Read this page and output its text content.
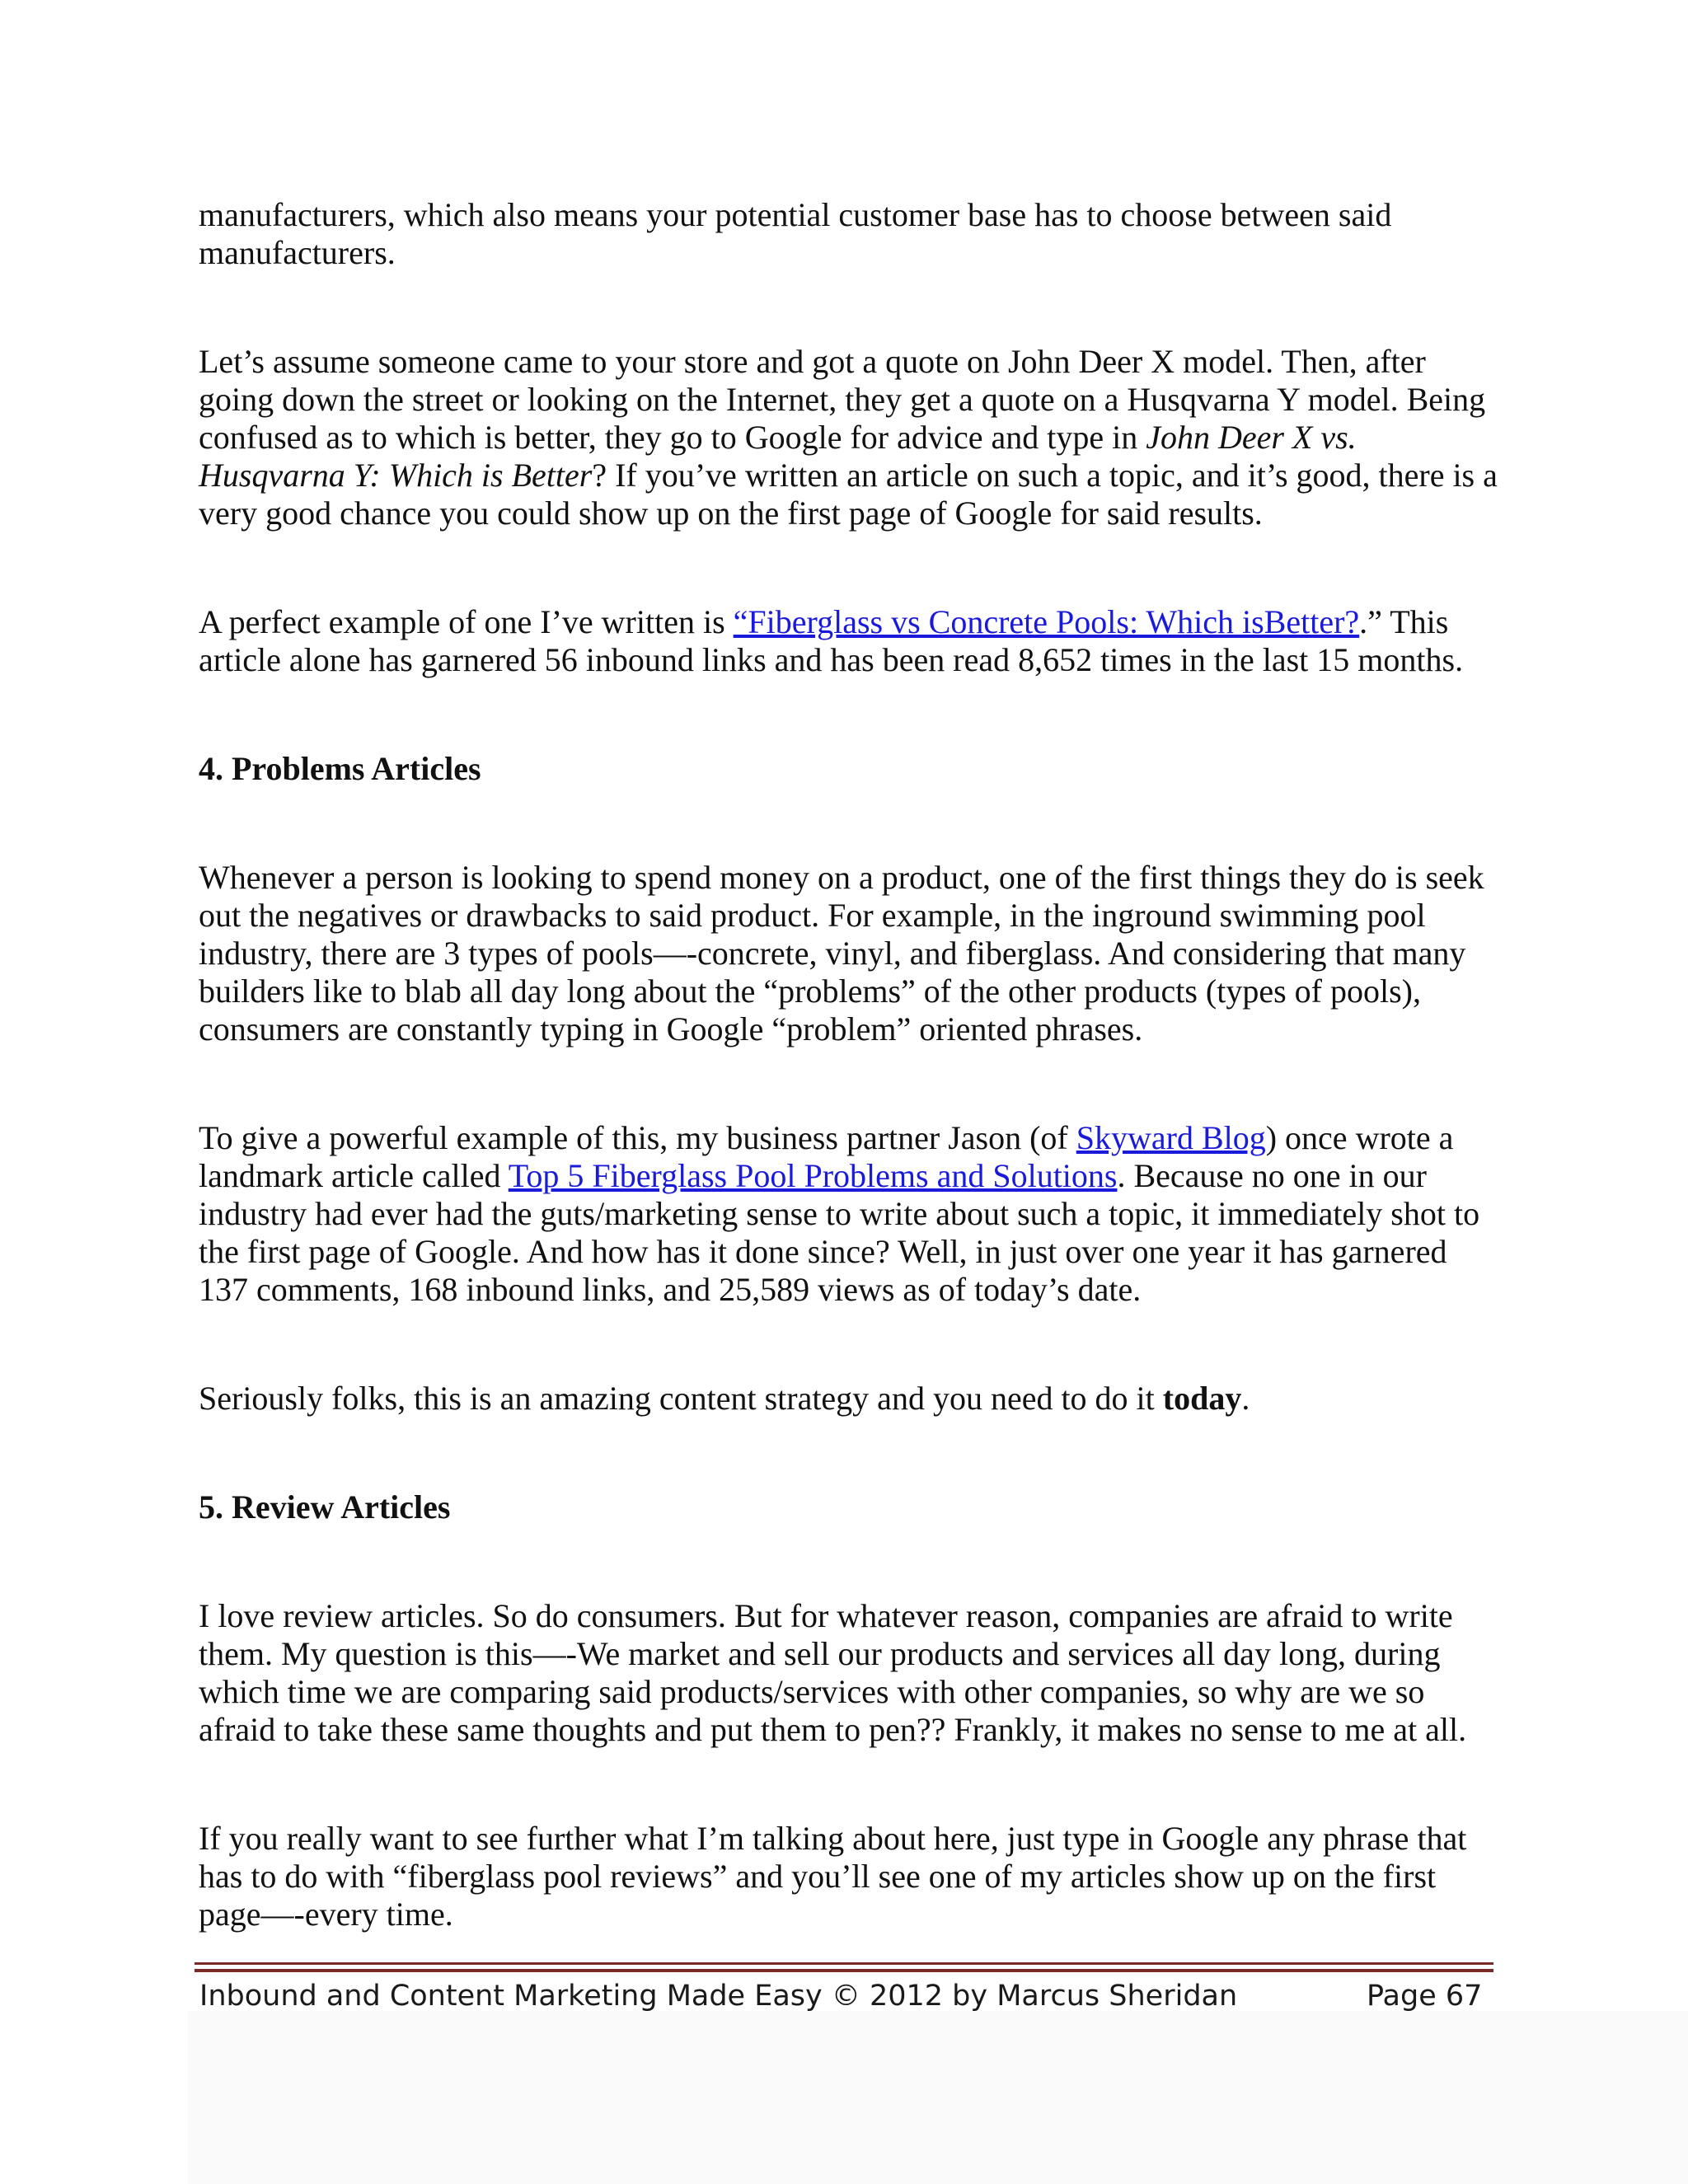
manufacturers, which also means your potential customer base has to choose between said manufacturers.

Let’s assume someone came to your store and got a quote on John Deer X model. Then, after going down the street or looking on the Internet, they get a quote on a Husqvarna Y model. Being confused as to which is better, they go to Google for advice and type in John Deer X vs. Husqvarna Y: Which is Better? If you’ve written an article on such a topic, and it’s good, there is a very good chance you could show up on the first page of Google for said results.

A perfect example of one I’ve written is “Fiberglass vs Concrete Pools: Which isBetter?.” This article alone has garnered 56 inbound links and has been read 8,652 times in the last 15 months.

4. Problems Articles

Whenever a person is looking to spend money on a product, one of the first things they do is seek out the negatives or drawbacks to said product. For example, in the inground swimming pool industry, there are 3 types of pools—-concrete, vinyl, and fiberglass. And considering that many builders like to blab all day long about the “problems” of the other products (types of pools), consumers are constantly typing in Google “problem” oriented phrases.

To give a powerful example of this, my business partner Jason (of Skyward Blog) once wrote a landmark article called Top 5 Fiberglass Pool Problems and Solutions. Because no one in our industry had ever had the guts/marketing sense to write about such a topic, it immediately shot to the first page of Google. And how has it done since? Well, in just over one year it has garnered 137 comments, 168 inbound links, and 25,589 views as of today’s date.

Seriously folks, this is an amazing content strategy and you need to do it today.

5. Review Articles

I love review articles. So do consumers. But for whatever reason, companies are afraid to write them. My question is this—-We market and sell our products and services all day long, during which time we are comparing said products/services with other companies, so why are we so afraid to take these same thoughts and put them to pen?? Frankly, it makes no sense to me at all.

If you really want to see further what I’m talking about here, just type in Google any phrase that has to do with “fiberglass pool reviews” and you’ll see one of my articles show up on the first page—-every time.

Inbound and Content Marketing Made Easy © 2012 by Marcus Sheridan	Page 67
